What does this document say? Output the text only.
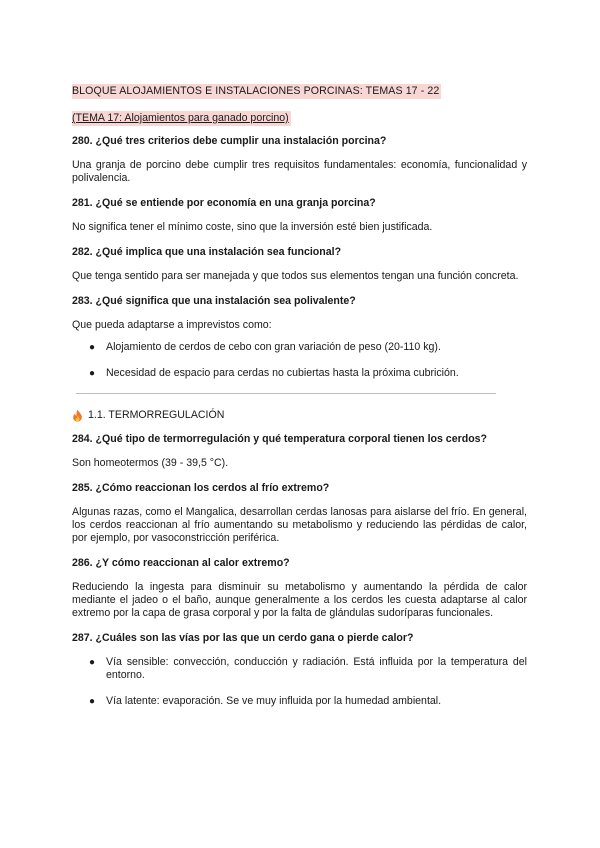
BLOQUE ALOJAMIENTOS E INSTALACIONES PORCINAS: TEMAS 17 - 22
(TEMA 17: Alojamientos para ganado porcino)

280. ¿Qué tres criterios debe cumplir una instalación porcina?

Una granja de porcino debe cumplir tres requisitos fundamentales: economía, funcionalidad y polivalencia.

281. ¿Qué se entiende por economía en una granja porcina?

No significa tener el mínimo coste, sino que la inversión esté bien justificada.

282. ¿Qué implica que una instalación sea funcional?

Que tenga sentido para ser manejada y que todos sus elementos tengan una función concreta.

283. ¿Qué significa que una instalación sea polivalente?

Que pueda adaptarse a imprevistos como:

● Alojamiento de cerdos de cebo con gran variación de peso (20-110 kg).
● Necesidad de espacio para cerdas no cubiertas hasta la próxima cubrición.
1.1. TERMORREGULACIÓN

284. ¿Qué tipo de termorregulación y qué temperatura corporal tienen los cerdos?

Son homeotermos (39 - 39,5 °C).

285. ¿Cómo reaccionan los cerdos al frío extremo?

Algunas razas, como el Mangalica, desarrollan cerdas lanosas para aislarse del frío. En general, los cerdos reaccionan al frío aumentando su metabolismo y reduciendo las pérdidas de calor, por ejemplo, por vasoconstricción periférica.

286. ¿Y cómo reaccionan al calor extremo?

Reduciendo la ingesta para disminuir su metabolismo y aumentando la pérdida de calor mediante el jadeo o el baño, aunque generalmente a los cerdos les cuesta adaptarse al calor extremo por la capa de grasa corporal y por la falta de glándulas sudoríparas funcionales.

287. ¿Cuáles son las vías por las que un cerdo gana o pierde calor?

● Vía sensible: convección, conducción y radiación. Está influida por la temperatura del entorno.
● Vía latente: evaporación. Se ve muy influida por la humedad ambiental.
